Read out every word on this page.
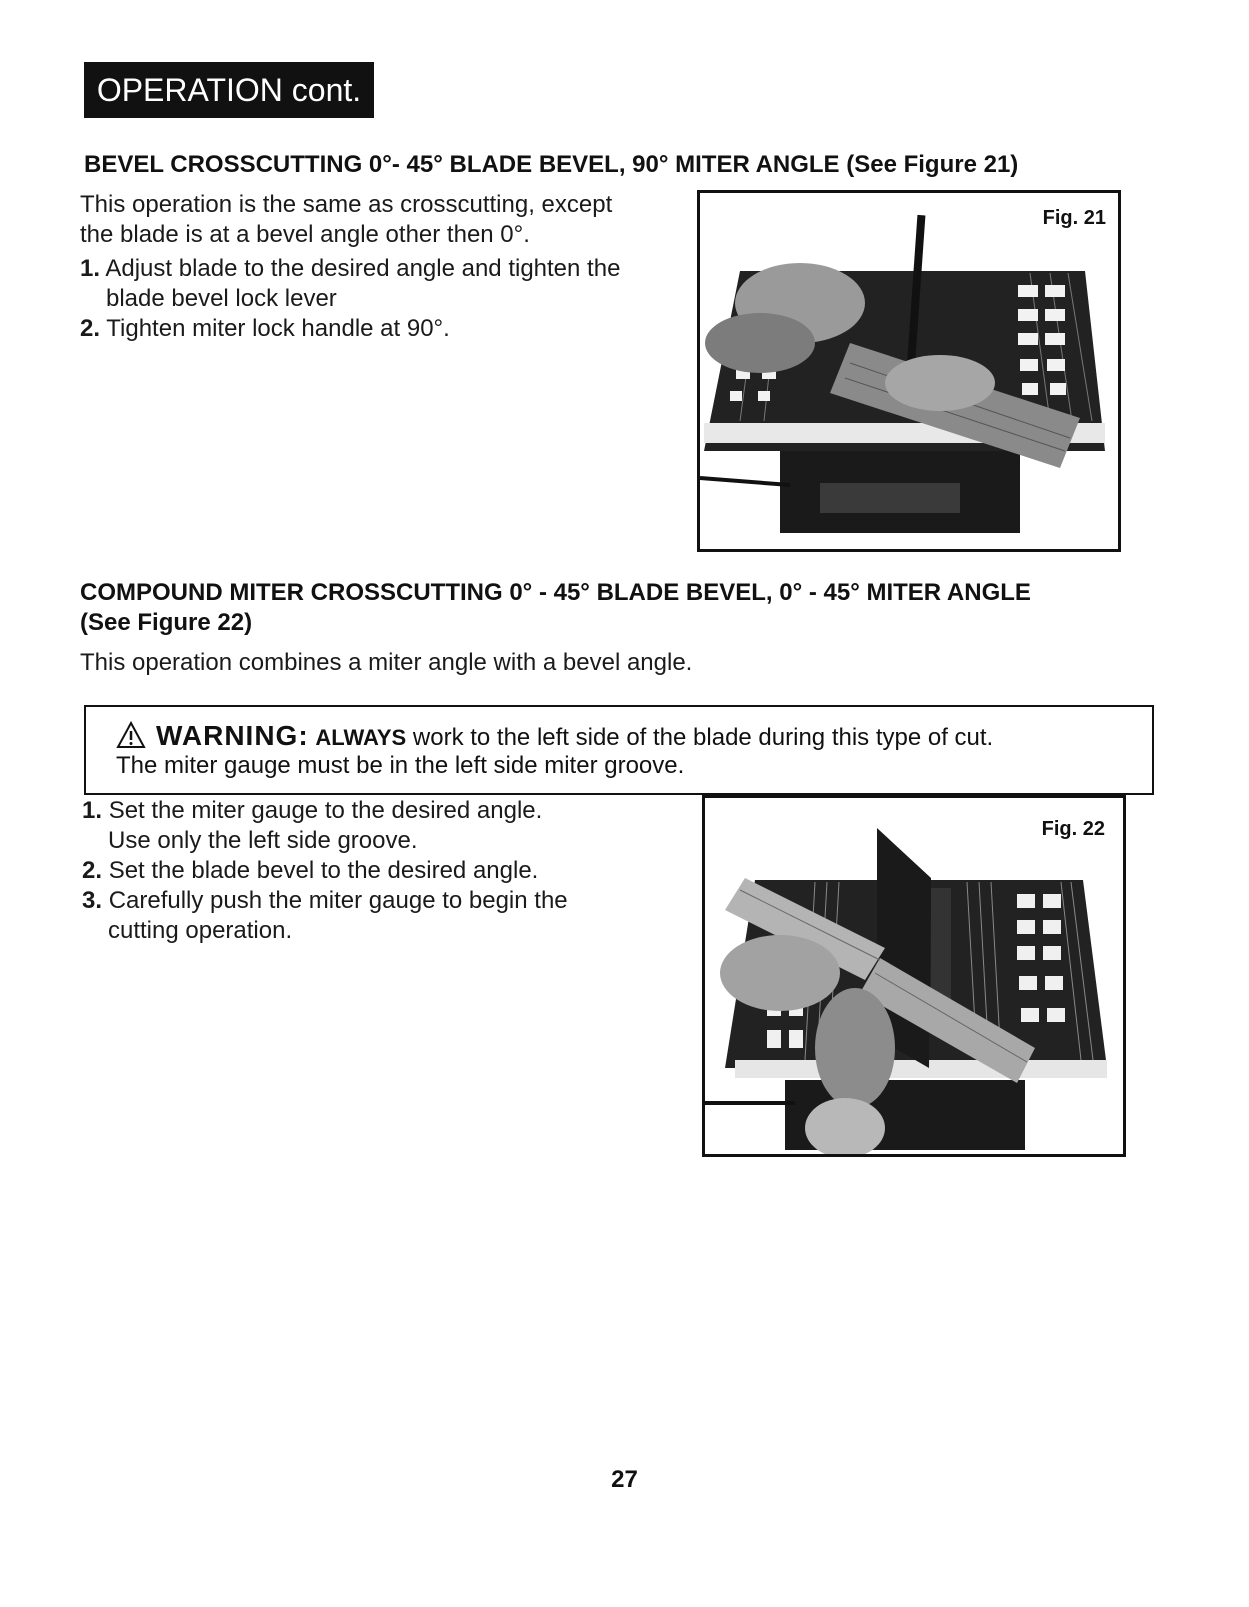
OPERATION cont.
BEVEL CROSSCUTTING 0°- 45° BLADE BEVEL, 90° MITER ANGLE (See Figure 21)
This operation is the same as crosscutting, except
the blade is at a bevel angle other then 0°.
1. Adjust blade to the desired angle and tighten the
blade bevel lock lever
2. Tighten miter lock handle at 90°.
Fig. 21
COMPOUND MITER CROSSCUTTING 0° - 45° BLADE BEVEL, 0° - 45° MITER ANGLE
(See Figure 22)
This operation combines a miter angle with a bevel angle.
WARNING: ALWAYS work to the left side of the blade during this type of cut.
The miter gauge must be in the left side miter groove.
1. Set the miter gauge to the desired angle.
Use only the left side groove.
2. Set the blade bevel to the desired angle.
3. Carefully push the miter gauge to begin the
cutting operation.
Fig. 22
27
